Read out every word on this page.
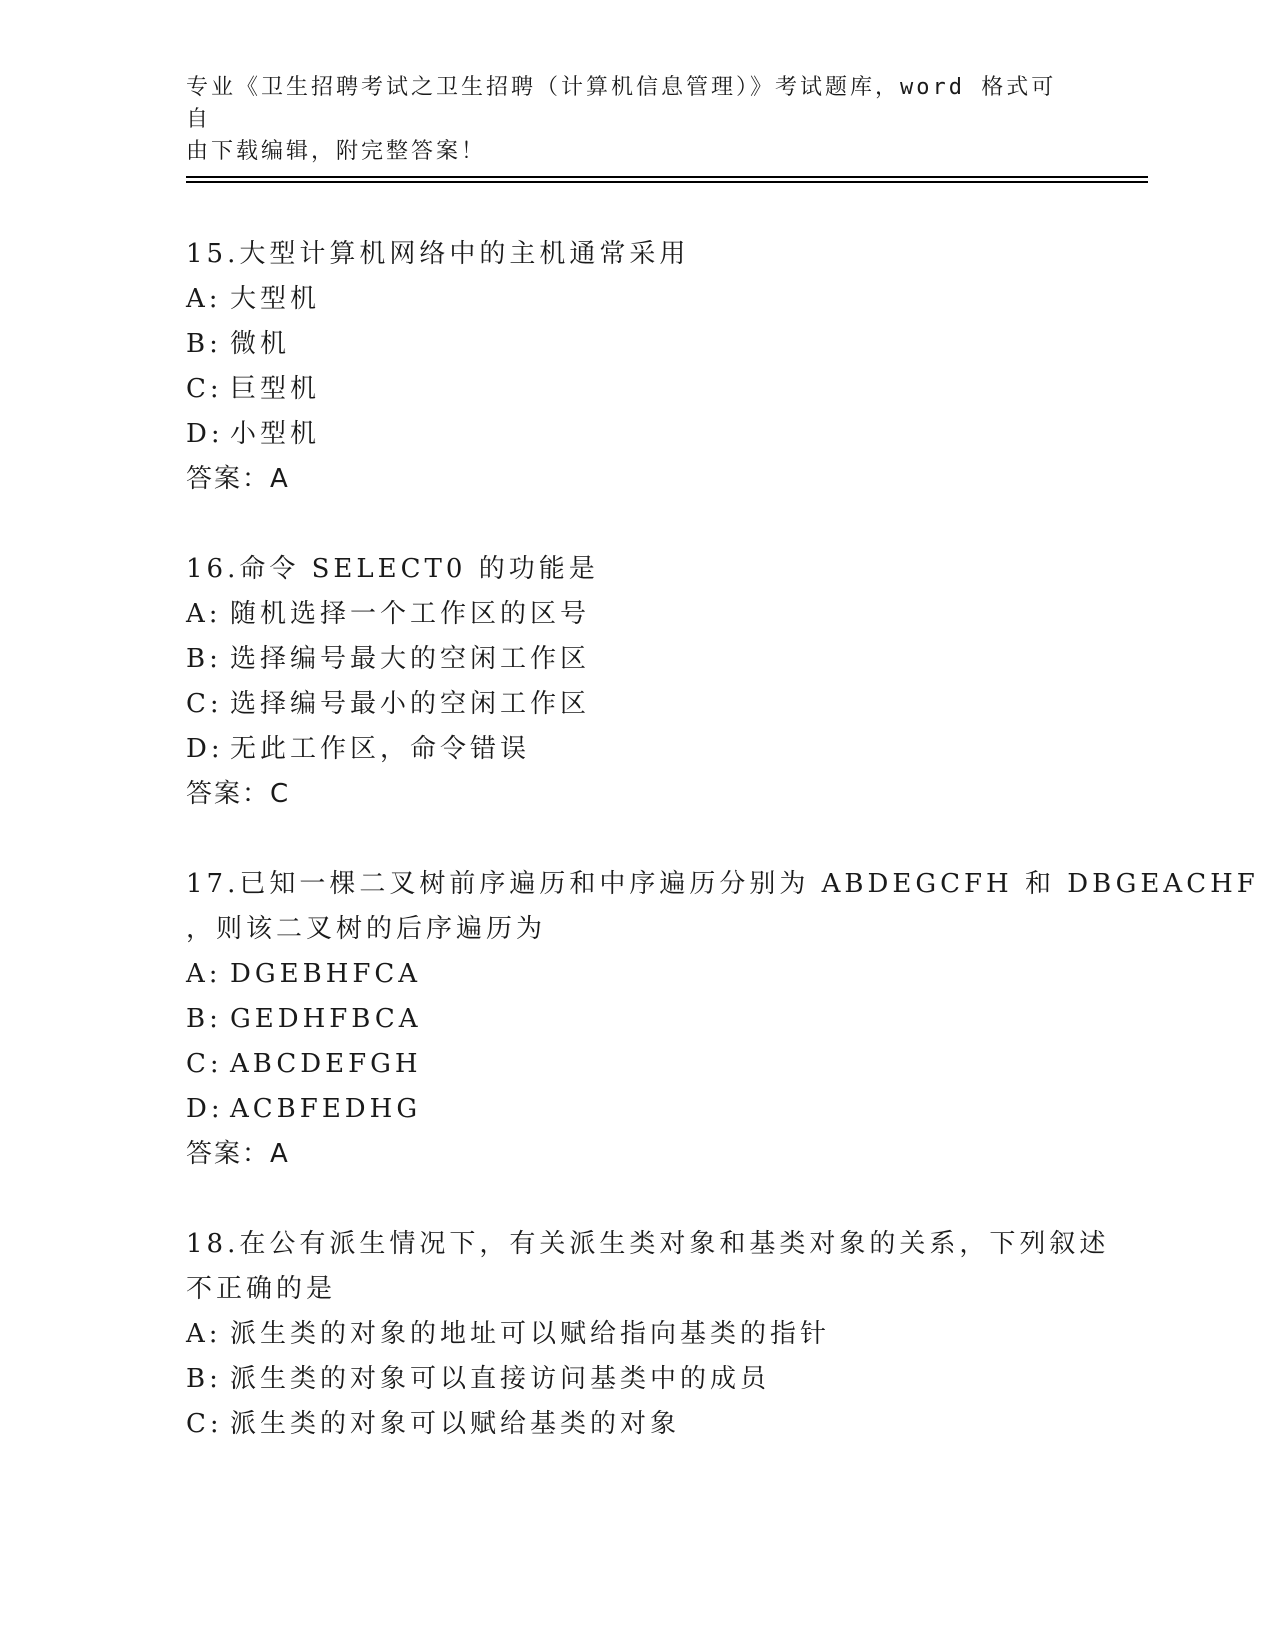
专业《卫生招聘考试之卫生招聘（计算机信息管理）》考试题库，word 格式可自
由下载编辑，附完整答案！
15.大型计算机网络中的主机通常采用
A: 大型机
B: 微机
C: 巨型机
D: 小型机
答案：A
16.命令 SELECT0 的功能是
A: 随机选择一个工作区的区号
B: 选择编号最大的空闲工作区
C: 选择编号最小的空闲工作区
D: 无此工作区，命令错误
答案：C
17.已知一棵二叉树前序遍历和中序遍历分别为 ABDEGCFH 和 DBGEACHF
，则该二叉树的后序遍历为
A: DGEBHFCA
B: GEDHFBCA
C: ABCDEFGH
D: ACBFEDHG
答案：A
18.在公有派生情况下，有关派生类对象和基类对象的关系，下列叙述
不正确的是
A: 派生类的对象的地址可以赋给指向基类的指针
B: 派生类的对象可以直接访问基类中的成员
C: 派生类的对象可以赋给基类的对象
